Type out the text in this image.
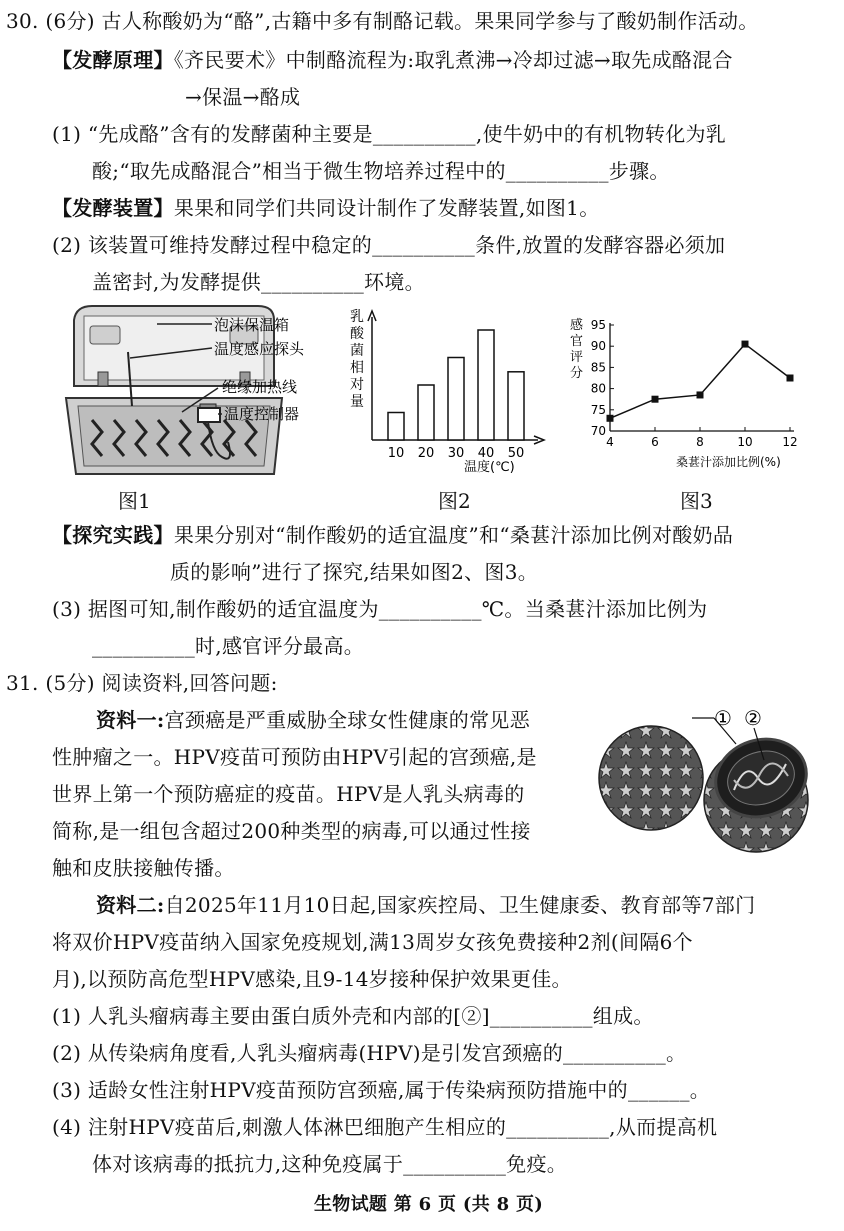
30. (6分) 古人称酸奶为“酪”,古籍中多有制酪记载。果果同学参与了酸奶制作活动。
【发酵原理】《齐民要术》中制酪流程为:取乳煮沸→冷却过滤→取先成酪混合
→保温→酪成
(1) “先成酪”含有的发酵菌种主要是__________,使牛奶中的有机物转化为乳
酸;“取先成酪混合”相当于微生物培养过程中的__________步骤。
【发酵装置】果果和同学们共同设计制作了发酵装置,如图1。
(2) 该装置可维持发酵过程中稳定的__________条件,放置的发酵容器必须加
盖密封,为发酵提供__________环境。
泡沫保温箱
温度感应探头
绝缘加热线
温度控制器
图1
乳酸菌相对量
10 20 30 40 50
温度(℃)
图2
感官评分
70
75
80
85
90
95
4	6	8	10 12
桑葚汁添加比例(%)
图3
【探究实践】果果分别对“制作酸奶的适宜温度”和“桑葚汁添加比例对酸奶品
质的影响”进行了探究,结果如图2、图3。
(3) 据图可知,制作酸奶的适宜温度为__________℃。当桑葚汁添加比例为
__________时,感官评分最高。
31. (5分) 阅读资料,回答问题:
资料一:宫颈癌是严重威胁全球女性健康的常见恶
性肿瘤之一。HPV疫苗可预防由HPV引起的宫颈癌,是
世界上第一个预防癌症的疫苗。HPV是人乳头病毒的
简称,是一组包含超过200种类型的病毒,可以通过性接
触和皮肤接触传播。
① ②
资料二:自2025年11月10日起,国家疾控局、卫生健康委、教育部等7部门
将双价HPV疫苗纳入国家免疫规划,满13周岁女孩免费接种2剂(间隔6个
月),以预防高危型HPV感染,且9-14岁接种保护效果更佳。
(1) 人乳头瘤病毒主要由蛋白质外壳和内部的[②]__________组成。
(2) 从传染病角度看,人乳头瘤病毒(HPV)是引发宫颈癌的__________。
(3) 适龄女性注射HPV疫苗预防宫颈癌,属于传染病预防措施中的______。
(4) 注射HPV疫苗后,刺激人体淋巴细胞产生相应的__________,从而提高机
体对该病毒的抵抗力,这种免疫属于__________免疫。
生物试题 第 6 页 (共 8 页)
